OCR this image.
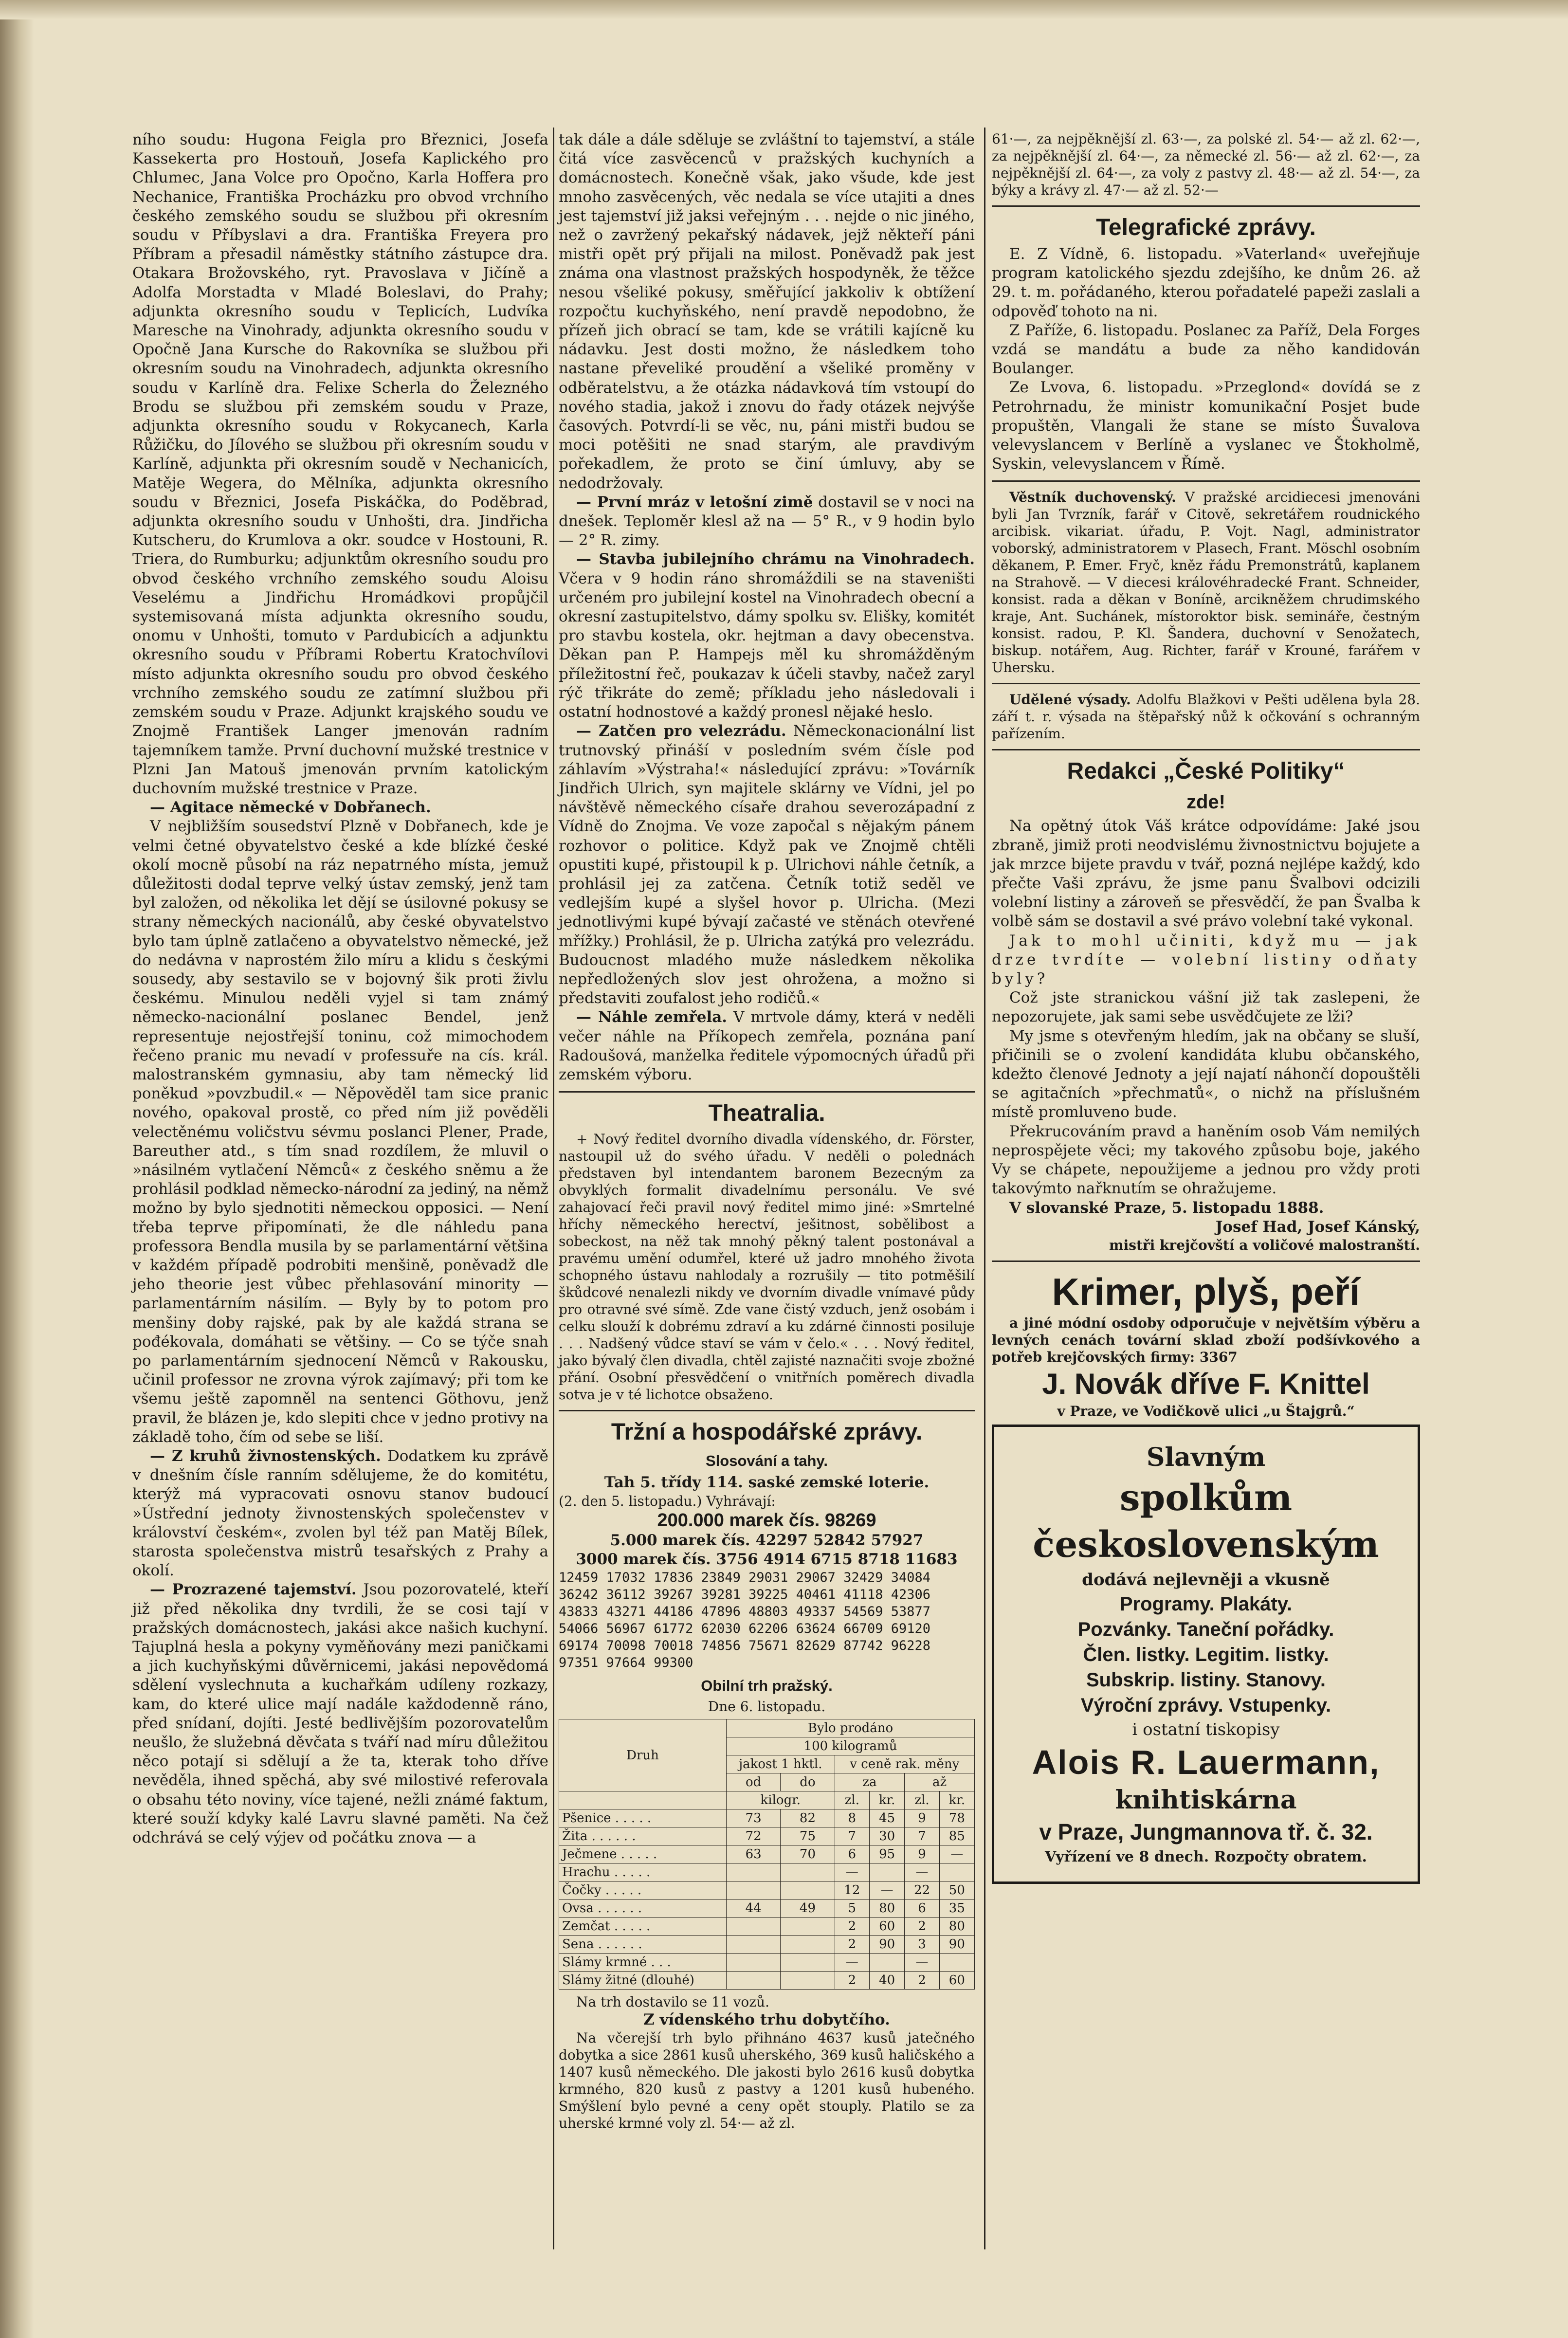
ního soudu: Hugona Feigla pro Březnici, Josefa Kassekerta pro Hostouň, Josefa Kaplického pro Chlumec, Jana Volce pro Opočno, Karla Hoffera pro Nechanice, Františka Procházku pro obvod vrchního českého zemského soudu se službou při okresním soudu v Příbyslavi a dra. Františka Freyera pro Příbram a přesadil náměstky státního zástupce dra. Otakara Brožovského, ryt. Pravoslava v Jičíně a Adolfa Morstadta v Mladé Boleslavi, do Prahy; adjunkta okresního soudu v Teplicích, Ludvíka Maresche na Vinohrady, adjunkta okresního soudu v Opočně Jana Kursche do Rakovníka se službou při okresním soudu na Vinohradech, adjunkta okresního soudu v Karlíně dra. Felixe Scherla do Železného Brodu se službou při zemském soudu v Praze, adjunkta okresního soudu v Rokycanech, Karla Růžičku, do Jílového se službou při okresním soudu v Karlíně, adjunkta při okresním soudě v Nechanicích, Matěje Wegera, do Mělníka, adjunkta okresního soudu v Březnici, Josefa Piskáčka, do Poděbrad, adjunkta okresního soudu v Unhošti, dra. Jindřicha Kutscheru, do Krumlova a okr. soudce v Hostouni, R. Triera, do Rumburku; adjunktům okresního soudu pro obvod českého vrchního zemského soudu Aloisu Veselému a Jindřichu Hromádkovi propůjčil systemisovaná místa adjunkta okresního soudu, onomu v Unhošti, tomuto v Pardubicích a adjunktu okresního soudu v Příbrami Robertu Kratochvílovi místo adjunkta okresního soudu pro obvod českého vrchního zemského soudu ze zatímní službou při zemském soudu v Praze. Adjunkt krajského soudu ve Znojmě František Langer jmenován radním tajemníkem tamže. První duchovní mužské trestnice v Plzni Jan Matouš jmenován prvním katolickým duchovním mužské trestnice v Praze.

— Agitace německé v Dobřanech.

V nejbližším sousedství Plzně v Dobřanech, kde je velmi četné obyvatelstvo české a kde blízké české okolí mocně působí na ráz nepatrného místa, jemuž důležitosti dodal teprve velký ústav zemský, jenž tam byl založen, od několika let dějí se úsilovné pokusy se strany německých nacionálů, aby české obyvatelstvo bylo tam úplně zatlačeno a obyvatelstvo německé, jež do nedávna v naprostém žilo míru a klidu s českými sousedy, aby sestavilo se v bojovný šik proti živlu českému. Minulou neděli vyjel si tam známý německo-nacionální poslanec Bendel, jenž representuje nejostřejší toninu, což mimochodem řečeno pranic mu nevadí v professuře na cís. král. malostranském gymnasiu, aby tam německý lid poněkud »povzbudil.« — Něpověděl tam sice pranic nového, opakoval prostě, co před ním již pověděli velectěnému voličstvu sévmu poslanci Plener, Prade, Bareuther atd., s tím snad rozdílem, že mluvil o »násilném vytlačení Němců« z českého sněmu a že prohlásil podklad německo-národní za jediný, na němž možno by bylo sjednotiti německou opposici. — Není třeba teprve připomínati, že dle náhledu pana professora Bendla musila by se parlamentární většina v každém případě podrobiti menšině, poněvadž dle jeho theorie jest vůbec přehlasování minority — parlamentárním násilím. — Byly by to potom pro menšiny doby rajské, pak by ale každá strana se pođékovala, domáhati se většiny. — Co se týče snah po parlamentárním sjednocení Němců v Rakousku, učinil professor ne zrovna výrok zajímavý; při tom ke všemu ještě zapomněl na sentenci Göthovu, jenž pravil, že blázen je, kdo slepiti chce v jedno protivy na základě toho, čím od sebe se liší.

— Z kruhů živnostenských. Dodatkem ku zprávě v dnešním čísle ranním sdělujeme, že do komitétu, kterýž má vypracovati osnovu stanov budoucí »Ústřední jednoty živnostenských společenstev v království českém«, zvolen byl též pan Matěj Bílek, starosta společenstva mistrů tesařských z Prahy a okolí.

— Prozrazené tajemství. Jsou pozorovatelé, kteří již před několika dny tvrdili, že se cosi tají v pražských domácnostech, jakási akce našich kuchyní. Tajuplná hesla a pokyny vyměňovány mezi paničkami a jich kuchyňskými důvěrnicemi, jakási nepovědomá sdělení vyslechnuta a kuchařkám udíleny rozkazy, kam, do které ulice mají nadále každodenně ráno, před snídaní, dojíti. Jesté bedlivějším pozorovatelům neušlo, že služebná děvčata s tváří nad míru důležitou něco potají si sdělují a že ta, kterak toho dříve nevěděla, ihned spěchá, aby své milostivé referovala o obsahu této noviny, více tajené, nežli známé faktum, které souží kdyky kalé Lavru slavné paměti. Na čež odchrává se celý výjev od počátku znova — a

tak dále a dále sděluje se zvláštní to tajemství, a stále čitá více zasvěcenců v pražských kuchyních a domácnostech. Konečně však, jako všude, kde jest mnoho zasvěcených, věc nedala se více utajiti a dnes jest tajemství již jaksi veřejným . . . nejde o nic jiného, než o zavržený pekařský nádavek, jejž někteří páni mistři opět prý přijali na milost. Poněvadž pak jest známa ona vlastnost pražských hospodyněk, že těžce nesou všeliké pokusy, směřující jakkoliv k obtížení rozpočtu kuchyňského, není pravdě nepodobno, že přízeň jich obrací se tam, kde se vrátili kajícně ku nádavku. Jest dosti možno, že následkem toho nastane převeliké proudění a všeliké proměny v odběratelstvu, a že otázka nádavková tím vstoupí do nového stadia, jakož i znovu do řady otázek nejvýše časových. Potvrdí-li se věc, nu, páni mistři budou se moci potěšiti ne snad starým, ale pravdivým pořekadlem, že proto se činí úmluvy, aby se nedodržovaly.

— První mráz v letošní zimě dostavil se v noci na dnešek. Teploměr klesl až na — 5° R., v 9 hodin bylo — 2° R. zimy.

— Stavba jubilejního chrámu na Vinohradech. Včera v 9 hodin ráno shromáždili se na staveništi určeném pro jubilejní kostel na Vinohradech obecní a okresní zastupitelstvo, dámy spolku sv. Elišky, komitét pro stavbu kostela, okr. hejtman a davy obecenstva. Děkan pan P. Hampejs měl ku shromážděným příležitostní řeč, poukazav k účeli stavby, načež zaryl rýč třikráte do země; příkladu jeho následovali i ostatní hodnostové a každý pronesl nějaké heslo.

— Zatčen pro velezrádu. Německonacionální list trutnovský přináší v posledním svém čísle pod záhlavím »Výstraha!« následující zprávu: »Továrník Jindřich Ulrich, syn majitele sklárny ve Vídni, jel po návštěvě německého císaře drahou severozápadní z Vídně do Znojma. Ve voze započal s nějakým pánem rozhovor o politice. Když pak ve Znojmě chtěli opustiti kupé, přistoupil k p. Ulrichovi náhle četník, a prohlásil jej za zatčena. Četník totiž seděl ve vedlejším kupé a slyšel hovor p. Ulricha. (Mezi jednotlivými kupé bývají začasté ve stěnách otevřené mřížky.) Prohlásil, že p. Ulricha zatýká pro velezrádu. Budoucnost mladého muže následkem několika nepředložených slov jest ohrožena, a možno si představiti zoufalost jeho rodičů.«

— Náhle zemřela. V mrtvole dámy, která v neděli večer náhle na Příkopech zemřela, poznána paní Radoušová, manželka ředitele výpomocných úřadů při zemském výboru.

Theatralia.

+ Nový ředitel dvorního divadla vídenského, dr. Förster, nastoupil už do svého úřadu. V neděli o polednách představen byl intendantem baronem Bezecným za obvyklých formalit divadelnímu personálu. Ve své zahajovací řeči pravil nový ředitel mimo jiné: »Smrtelné hříchy německého herectví, ješitnost, sobělibost a sobeckost, na něž tak mnohý pěkný talent postonával a pravému umění odumřel, které už jadro mnohého života schopného ústavu nahlodaly a rozrušily — tito potměšilí škůdcové nenalezli nikdy ve dvorním divadle vnímavé půdy pro otravné své símě. Zde vane čistý vzduch, jenž osobám i celku slouží k dobrému zdraví a ku zdárné činnosti posiluje . . . Nadšený vůdce staví se vám v čelo.« . . . Nový ředitel, jako bývalý člen divadla, chtěl zajisté naznačiti svoje zbožné přání. Osobní přesvědčení o vnitřních poměrech divadla sotva je v té lichotce obsaženo.

Tržní a hospodářské zprávy.
Slosování a tahy.

Tah 5. třídy 114. saské zemské loterie.

(2. den 5. listopadu.) Vyhrávají:

200.000 marek čís. 98269
5.000 marek čís. 42297 52842 57927
3000 marek čís. 3756 4914 6715 8718 11683

12459 17032 17836 23849 29031 29067 32429 34084 36242 36112 39267 39281 39225 40461 41118 42306 43833 43271 44186 47896 48803 49337 54569 53877 54066 56967 61772 62030 62206 63624 66709 69120 69174 70098 70018 74856 75671 82629 87742 96228 97351 97664 99300

Obilní trh pražský.

Dne 6. listopadu.

Druh	Bylo prodáno					
	100 kilogramů					
	jakost 1 hktl.		v ceně rak. měny			
	od	do	za		až	
	kilogr.		zl.	kr.	zl.	kr.
Pšenice . . . . .	73	82	8	45	9	78
Žita . . . . . .	72	75	7	30	7	85
Ječmene . . . . .	63	70	6	95	9	—
Hrachu . . . . .			—		—	
Čočky . . . . .			12	—	22	50
Ovsa . . . . . .	44	49	5	80	6	35
Zemčat . . . . .			2	60	2	80
Sena . . . . . .			2	90	3	90
Slámy krmné . . .			—		—	
Slámy žitné (dlouhé)			2	40	2	60

Na trh dostavilo se 11 vozů.

Z vídenského trhu dobytčího.

Na včerejší trh bylo přihnáno 4637 kusů jatečného dobytka a sice 2861 kusů uherského, 369 kusů haličského a 1407 kusů německého. Dle jakosti bylo 2616 kusů dobytka krmného, 820 kusů z pastvy a 1201 kusů hubeného. Smýšlení bylo pevné a ceny opět stouply. Platilo se za uherské krmné voly zl. 54·— až zl.

61·—, za nejpěknější zl. 63·—, za polské zl. 54·— až zl. 62·—, za nejpěknější zl. 64·—, za německé zl. 56·— až zl. 62·—, za nejpěknější zl. 64·—, za voly z pastvy zl. 48·— až zl. 54·—, za býky a krávy zl. 47·— až zl. 52·—

Telegrafické zprávy.

E. Z Vídně, 6. listopadu. »Vaterland« uveřejňuje program katolického sjezdu zdejšího, ke dnům 26. až 29. t. m. pořádaného, kterou pořadatelé papeži zaslali a odpověď tohoto na ni.

Z Paříže, 6. listopadu. Poslanec za Paříž, Dela Forges vzdá se mandátu a bude za něho kandidován Boulanger.

Ze Lvova, 6. listopadu. »Przeglond« dovídá se z Petrohrnadu, že ministr komunikační Posjet bude propuštěn, Vlangali že stane se místo Šuvalova velevyslancem v Berlíně a vyslanec ve Štokholmě, Syskin, velevyslancem v Římě.

Věstník duchovenský. V pražské arcidiecesi jmenováni byli Jan Tvrzník, farář v Citově, sekretářem roudnického arcibisk. vikariat. úřadu, P. Vojt. Nagl, administrator voborský, administratorem v Plasech, Frant. Möschl osobním děkanem, P. Emer. Fryč, kněz řádu Premonstrátů, kaplanem na Strahově. — V diecesi královéhradecké Frant. Schneider, konsist. rada a děkan v Boníně, arcikněžem chrudimského kraje, Ant. Suchánek, místoroktor bisk. semináře, čestným konsist. radou, P. Kl. Šandera, duchovní v Senožatech, biskup. notářem, Aug. Richter, farář v Krouné, farářem v Uhersku.

Udělené výsady. Adolfu Blažkovi v Pešti udělena byla 28. září t. r. výsada na štěpařský nůž k očkování s ochranným pařízením.

Redakci „České Politiky“
zde!

Na opětný útok Váš krátce odpovídáme: Jaké jsou zbraně, jimiž proti neodvislému živnostnictvu bojujete a jak mrzce bijete pravdu v tvář, pozná nejlépe každý, kdo přečte Vaši zprávu, že jsme panu Švalbovi odcizili volební listiny a zároveň se přesvědčí, že pan Švalba k volbě sám se dostavil a své právo volební také vykonal.

Jak to mohl učiniti, když mu — jak drze tvrdíte — volební listiny odňaty byly?

Což jste stranickou vášní již tak zaslepeni, že nepozorujete, jak sami sebe usvědčujete ze lži?

My jsme s otevřeným hledím, jak na občany se sluší, přičinili se o zvolení kandidáta klubu občanského, kdežto členové Jednoty a její najatí náhončí dopouštěli se agitačních »přechmatů«, o nichž na příslušném místě promluveno bude.

Překrucováním pravd a haněním osob Vám nemilých neprospějete věci; my takového způsobu boje, jakého Vy se chápete, nepoužijeme a jednou pro vždy proti takovýmto nařknutím se ohražujeme.

V slovanské Praze, 5. listopadu 1888.

Josef Had, Josef Kánský,

mistři krejčovští a voličové malostranští.

Krimer, plyš, peří

a jiné módní osdoby odporučuje v největším výběru a levných cenách tovární sklad zboží podšívkového a potřeb krejčovských firmy: 3367

J. Novák dříve F. Knittel

v Praze, ve Vodičkově ulici „u Štajgrů.“

Slavným
spolkům československým
dodává nejlevněji a vkusně
Programy. Plakáty.
Pozvánky. Taneční pořádky.
Člen. listky. Legitim. listky.
Subskrip. listiny. Stanovy.
Výroční zprávy. Vstupenky.
i ostatní tiskopisy
Alois R. Lauermann,
knihtiskárna
v Praze, Jungmannova tř. č. 32.
Vyřízení ve 8 dnech. Rozpočty obratem.
